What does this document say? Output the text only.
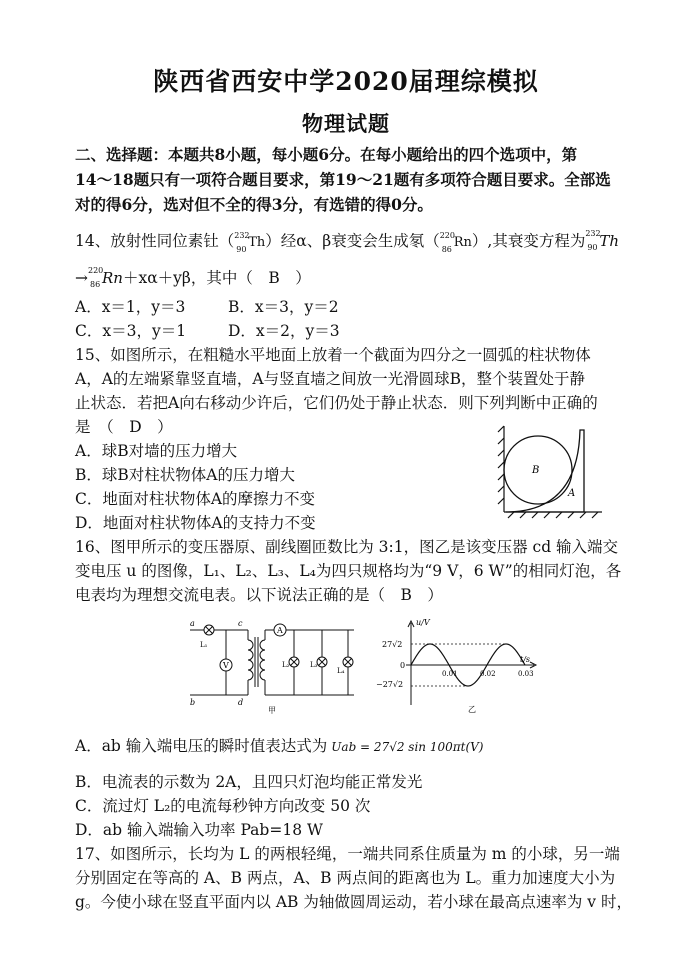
陕西省西安中学2020届理综模拟
物理试题
二、选择题：本题共8小题，每小题6分。在每小题给出的四个选项中，第
14～18题只有一项符合题目要求，第19～21题有多项符合题目要求。全部选
对的得6分，选对但不全的得3分，有选错的得0分。
14、放射性同位素钍（ 232
90 Th）经α、β衰变会生成氡（ 220
86 Rn）,其衰变方程为 232
90 Th
→ 220
86 Rn＋xα＋yβ，其中（　B　）
A．x＝1，y＝3	B．x＝3，y＝2
C．x＝3，y＝1	D．x＝2，y＝3
15、如图所示，在粗糙水平地面上放着一个截面为四分之一圆弧的柱状物体
A，A的左端紧靠竖直墙，A与竖直墙之间放一光滑圆球B，整个装置处于静
止状态．若把A向右移动少许后，它们仍处于静止状态．则下列判断中正确的
是　（　D　）
A．球B对墙的压力增大
B．球B对柱状物体A的压力增大
C．地面对柱状物体A的摩擦力不变
D．地面对柱状物体A的支持力不变
B
A
16、图甲所示的变压器原、副线圈匝数比为 3:1，图乙是该变压器 cd 输入端交
变电压 u 的图像，L₁、L₂、L₃、L₄为四只规格均为“9 V，6 W”的相同灯泡，各
电表均为理想交流电表。以下说法正确的是（　B　）
a
b
c
d
V
A
L₁
L₂	L₃
L₄
甲
u/V
t/s
27√2
−27√2
0
0.01	0.02	0.03
乙
A．ab 输入端电压的瞬时值表达式为 Uab = 27√2 sin 100πt(V)
B．电流表的示数为 2A，且四只灯泡均能正常发光
C．流过灯 L₂的电流每秒钟方向改变 50 次
D．ab 输入端输入功率 Pab=18 W
17、如图所示，长均为 L 的两根轻绳，一端共同系住质量为 m 的小球，另一端
分别固定在等高的 A、B 两点，A、B 两点间的距离也为 L。重力加速度大小为
g。今使小球在竖直平面内以 AB 为轴做圆周运动，若小球在最高点速率为 v 时，
